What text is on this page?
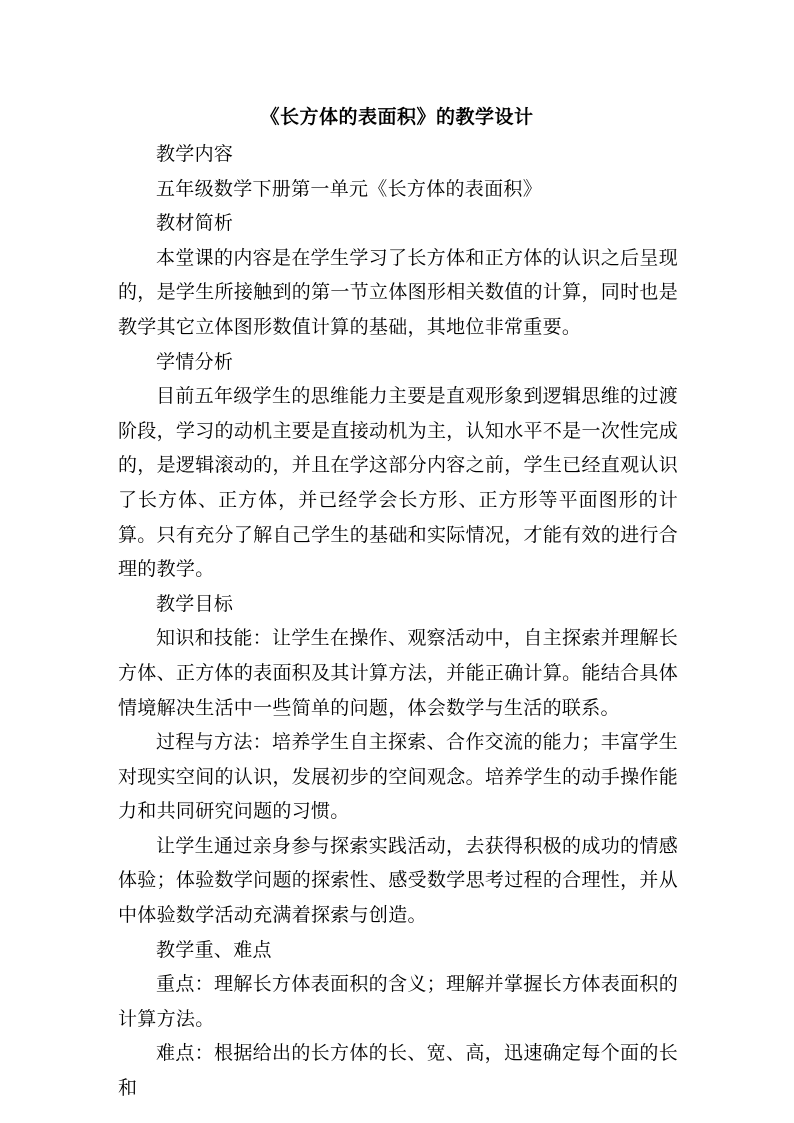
《长方体的表面积》的教学设计

教学内容

五年级数学下册第一单元《长方体的表面积》

教材简析

本堂课的内容是在学生学习了长方体和正方体的认识之后呈现的，是学生所接触到的第一节立体图形相关数值的计算，同时也是教学其它立体图形数值计算的基础，其地位非常重要。

学情分析

目前五年级学生的思维能力主要是直观形象到逻辑思维的过渡阶段，学习的动机主要是直接动机为主，认知水平不是一次性完成的，是逻辑滚动的，并且在学这部分内容之前，学生已经直观认识了长方体、正方体，并已经学会长方形、正方形等平面图形的计算。只有充分了解自己学生的基础和实际情况，才能有效的进行合理的教学。

教学目标

知识和技能：让学生在操作、观察活动中，自主探索并理解长方体、正方体的表面积及其计算方法，并能正确计算。能结合具体情境解决生活中一些简单的问题，体会数学与生活的联系。

过程与方法：培养学生自主探索、合作交流的能力；丰富学生对现实空间的认识，发展初步的空间观念。培养学生的动手操作能力和共同研究问题的习惯。

让学生通过亲身参与探索实践活动，去获得积极的成功的情感体验；体验数学问题的探索性、感受数学思考过程的合理性，并从中体验数学活动充满着探索与创造。

教学重、难点

重点：理解长方体表面积的含义；理解并掌握长方体表面积的计算方法。

难点：根据给出的长方体的长、宽、高，迅速确定每个面的长和
